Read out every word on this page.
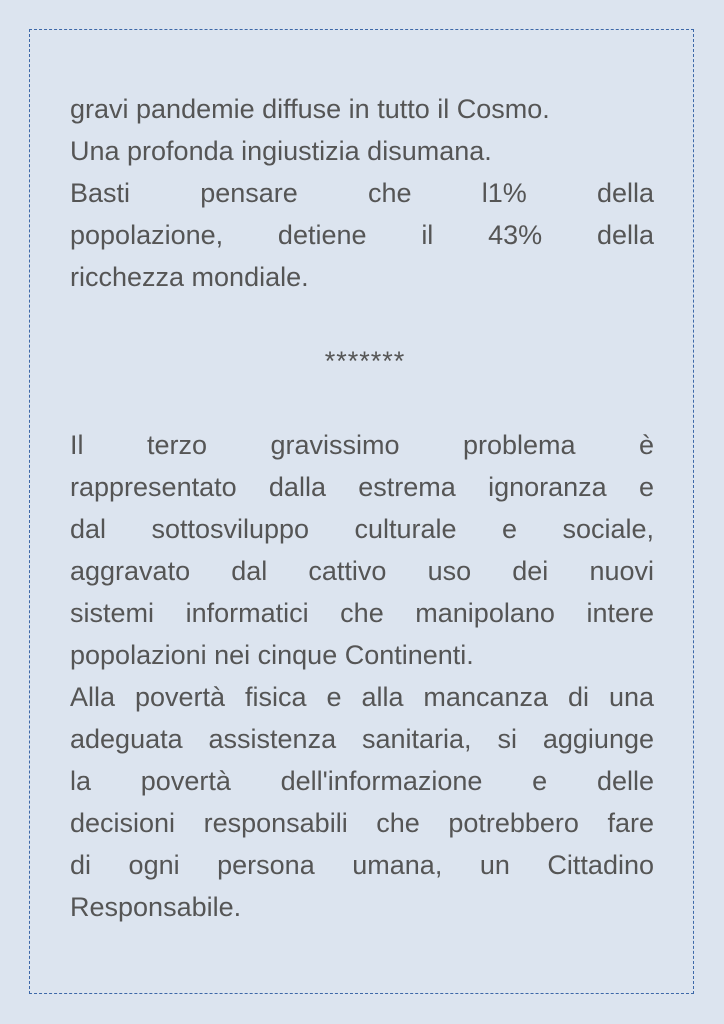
gravi pandemie diffuse in tutto il Cosmo.
Una profonda ingiustizia disumana.
Basti pensare che l1% della
popolazione, detiene il 43% della
ricchezza mondiale.
*******
Il terzo gravissimo problema è
rappresentato dalla estrema ignoranza e
dal sottosviluppo culturale e sociale,
aggravato dal cattivo uso dei nuovi
sistemi informatici che manipolano intere
popolazioni nei cinque Continenti.
Alla povertà fisica e alla mancanza di una
adeguata assistenza sanitaria, si aggiunge
la povertà dell'informazione e delle
decisioni responsabili che potrebbero fare
di ogni persona umana, un Cittadino
Responsabile.
